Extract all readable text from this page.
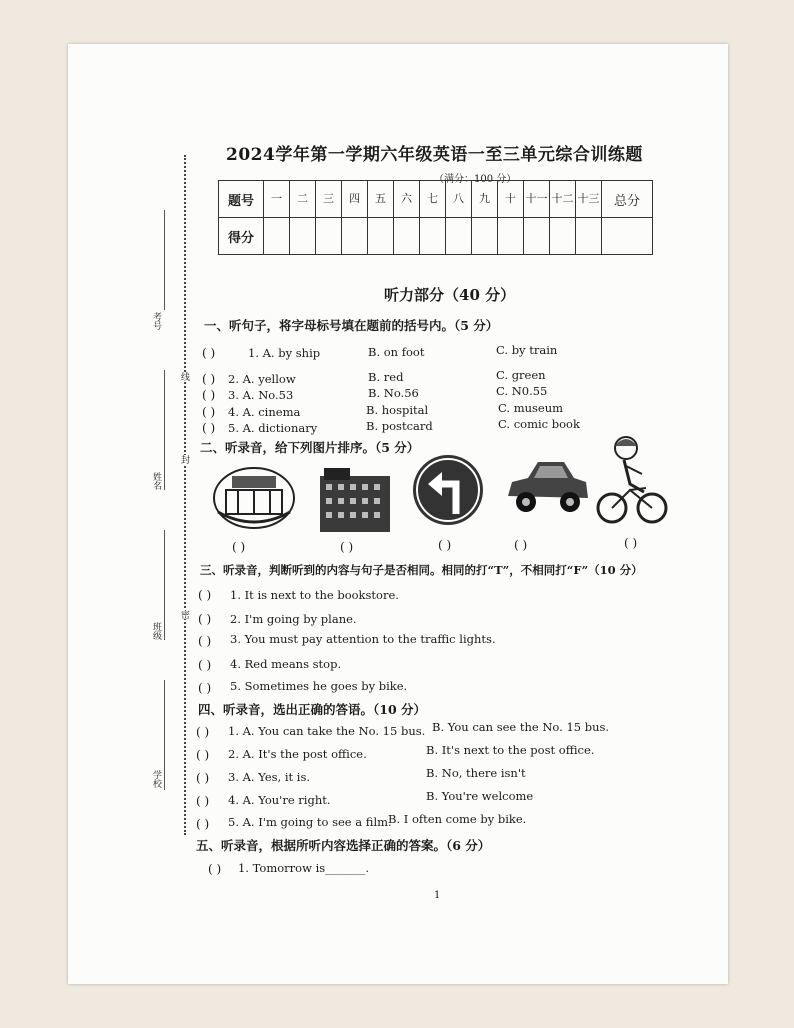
考号
姓名
班级
学校
线
封
密
2024学年第一学期六年级英语一至三单元综合训练题
（满分：100 分）
题号	一	二	三	四	五	六	七	八	九	十	十一	十二	十三	总分
得分														
听力部分（40 分）
一、听句子，将字母标号填在题前的括号内。（5 分）
( )	1. A. by ship	B. on foot	C. by train
( ) 2. A. yellow	B. red	C. green
( ) 3. A. No.53	B. No.56	C. N0.55
( ) 4. A. cinema	B. hospital	C. museum
( ) 5. A. dictionary	B. postcard	C. comic book
二、听录音，给下列图片排序。（5 分）
( )	( )	( )	( )	( )
三、听录音，判断听到的内容与句子是否相同。相同的打“T”，不相同打“F”（10 分）
( ) 1. It is next to the bookstore.
( ) 2. I'm going by plane.
( ) 3. You must pay attention to the traffic lights.
( ) 4. Red means stop.
( ) 5. Sometimes he goes by bike.
四、听录音，选出正确的答语。（10 分）
( ) 1. A. You can take the No. 15 bus. B. You can see the No. 15 bus.
( ) 2. A. It's the post office.	B. It's next to the post office.
( ) 3. A. Yes, it is.	B. No, there isn't
( ) 4. A. You're right.	B. You're welcome
( ) 5. A. I'm going to see a film.
B. I often come by bike.
五、听录音，根据所听内容选择正确的答案。（6 分）
( ) 1. Tomorrow is_______.
1
